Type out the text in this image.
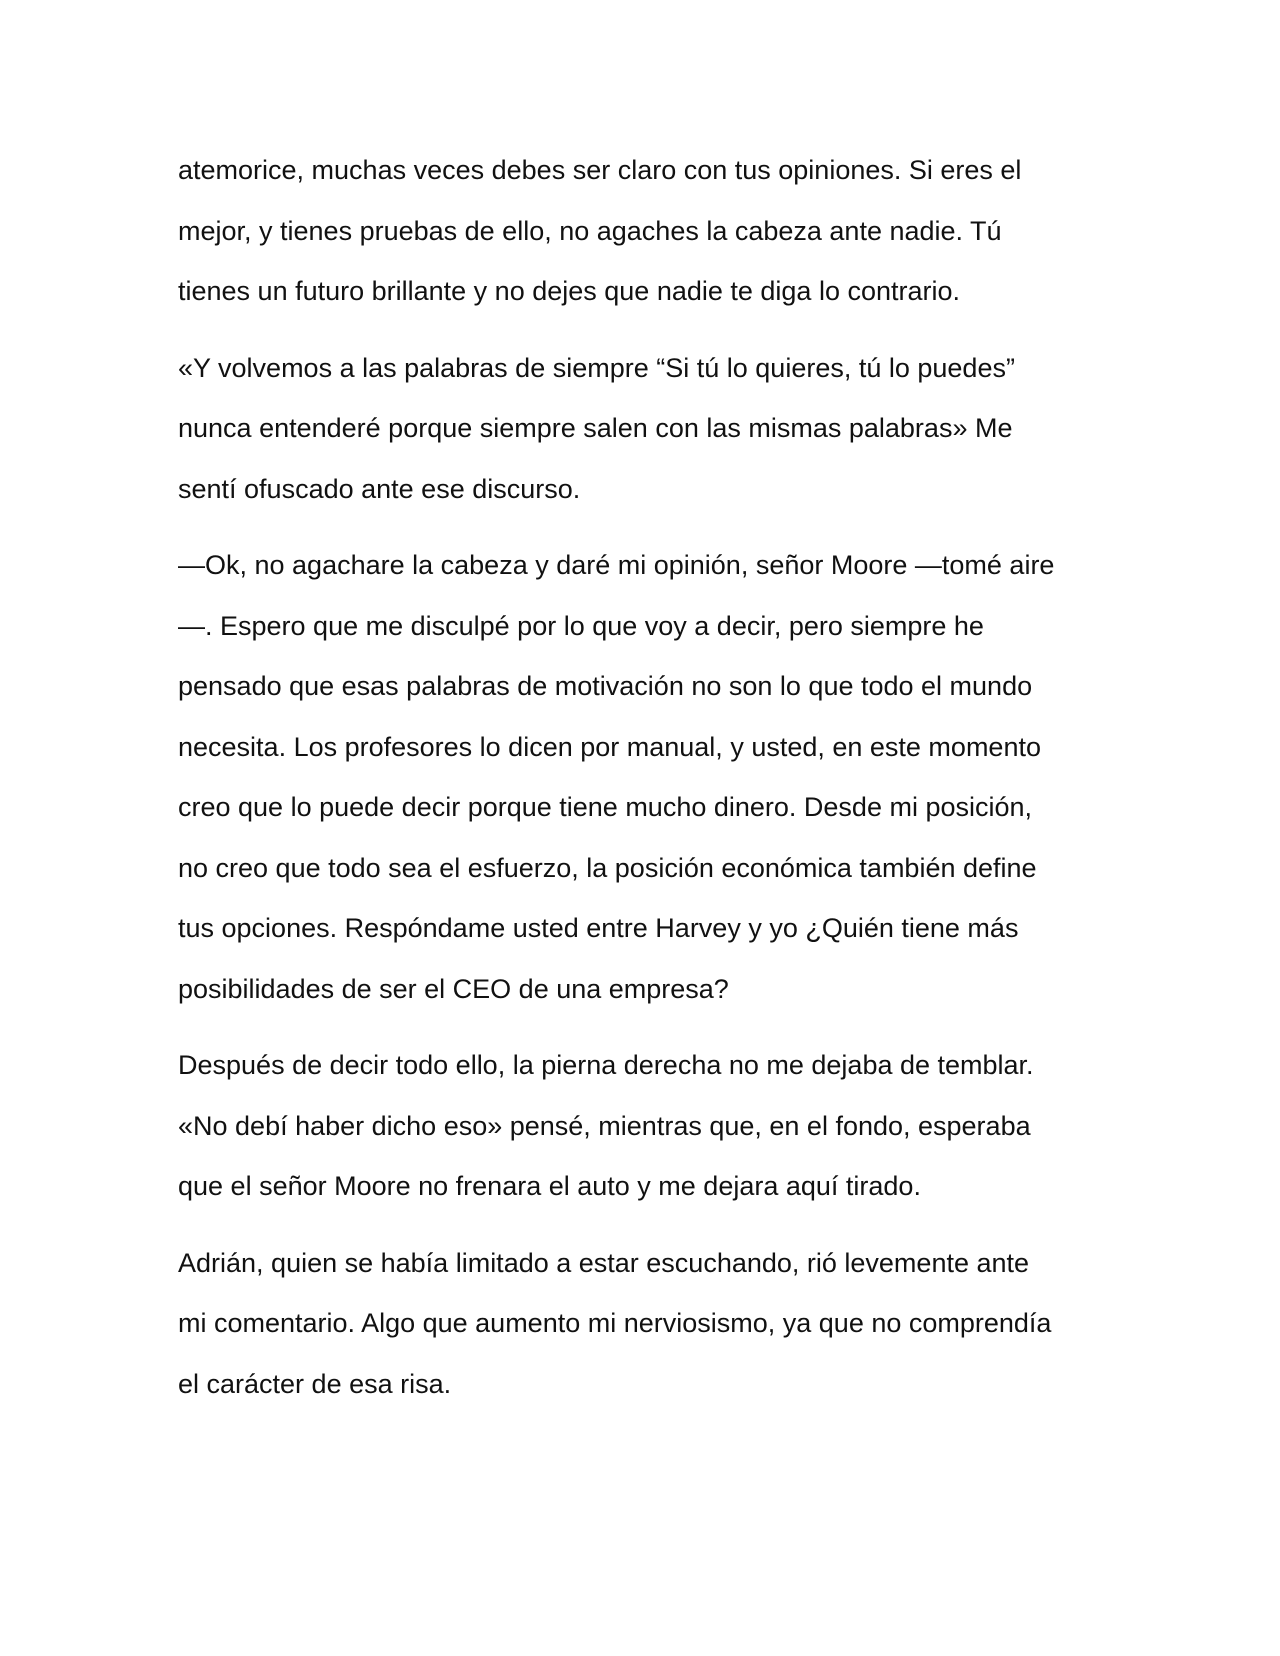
atemorice, muchas veces debes ser claro con tus opiniones. Si eres el
mejor, y tienes pruebas de ello, no agaches la cabeza ante nadie. Tú
tienes un futuro brillante y no dejes que nadie te diga lo contrario.
«Y volvemos a las palabras de siempre “Si tú lo quieres, tú lo puedes”
nunca entenderé porque siempre salen con las mismas palabras» Me
sentí ofuscado ante ese discurso.
—Ok, no agachare la cabeza y daré mi opinión, señor Moore —tomé aire
—. Espero que me disculpé por lo que voy a decir, pero siempre he
pensado que esas palabras de motivación no son lo que todo el mundo
necesita. Los profesores lo dicen por manual, y usted, en este momento
creo que lo puede decir porque tiene mucho dinero. Desde mi posición,
no creo que todo sea el esfuerzo, la posición económica también define
tus opciones. Respóndame usted entre Harvey y yo ¿Quién tiene más
posibilidades de ser el CEO de una empresa?
Después de decir todo ello, la pierna derecha no me dejaba de temblar.
«No debí haber dicho eso» pensé, mientras que, en el fondo, esperaba
que el señor Moore no frenara el auto y me dejara aquí tirado.
Adrián, quien se había limitado a estar escuchando, rió levemente ante
mi comentario. Algo que aumento mi nerviosismo, ya que no comprendía
el carácter de esa risa.
